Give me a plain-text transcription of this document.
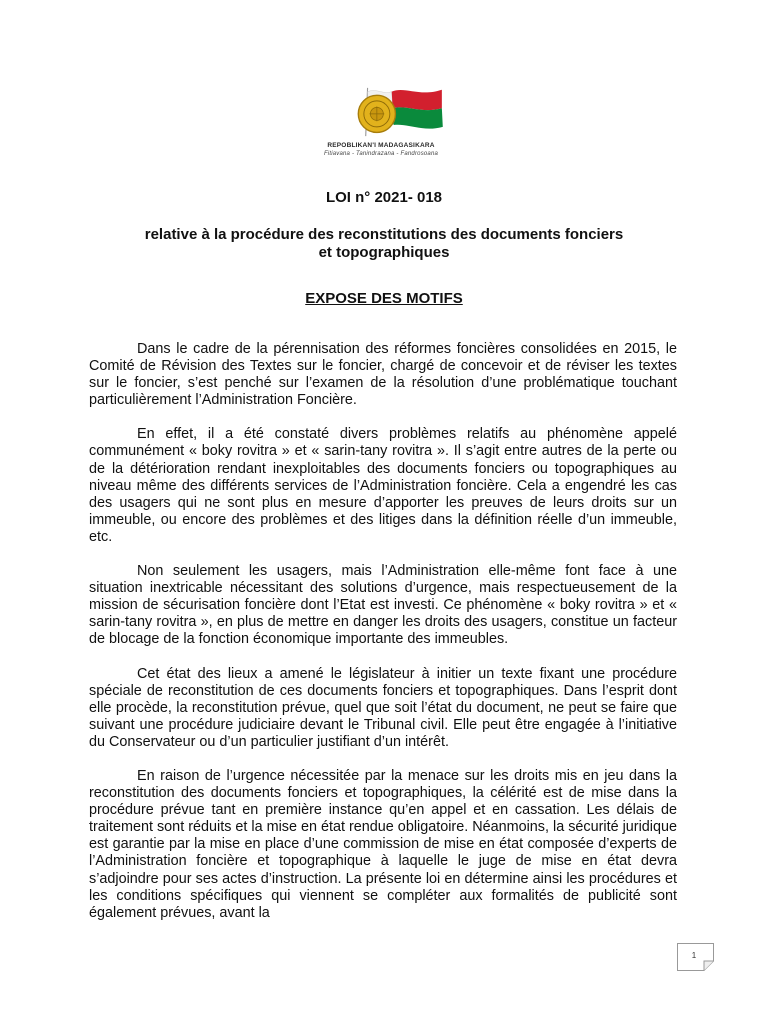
REPOBLIKAN'I MADAGASIKARA
Fitiavana - Tanindrazana - Fandrosoana
LOI n° 2021- 018
relative à la procédure des reconstitutions des documents fonciers
et topographiques
EXPOSE DES MOTIFS

Dans le cadre de la pérennisation des réformes foncières consolidées en 2015, le Comité de Révision des Textes sur le foncier, chargé de concevoir et de réviser les textes sur le foncier, s’est penché sur l’examen de la résolution d’une problématique touchant particulièrement l’Administration Foncière.

En effet, il a été constaté divers problèmes relatifs au phénomène appelé communément « boky rovitra » et « sarin-tany rovitra ». Il s’agit entre autres de la perte ou de la détérioration rendant inexploitables des documents fonciers ou topographiques au niveau même des différents services de l’Administration foncière. Cela a engendré les cas des usagers qui ne sont plus en mesure d’apporter les preuves de leurs droits sur un immeuble, ou encore des problèmes et des litiges dans la définition réelle d’un immeuble, etc.

Non seulement les usagers, mais l’Administration elle-même font face à une situation inextricable nécessitant des solutions d’urgence, mais respectueusement de la mission de sécurisation foncière dont l’Etat est investi. Ce phénomène « boky rovitra » et « sarin-tany rovitra », en plus de mettre en danger les droits des usagers, constitue un facteur de blocage de la fonction économique importante des immeubles.

Cet état des lieux a amené le législateur à initier un texte fixant une procédure spéciale de reconstitution de ces documents fonciers et topographiques. Dans l’esprit dont elle procède, la reconstitution prévue, quel que soit l’état du document, ne peut se faire que suivant une procédure judiciaire devant le Tribunal civil. Elle peut être engagée à l’initiative du Conservateur ou d’un particulier justifiant d’un intérêt.

En raison de l’urgence nécessitée par la menace sur les droits mis en jeu dans la reconstitution des documents fonciers et topographiques, la célérité est de mise dans la procédure prévue tant en première instance qu’en appel et en cassation. Les délais de traitement sont réduits et la mise en état rendue obligatoire. Néanmoins, la sécurité juridique est garantie par la mise en place d’une commission de mise en état composée d’experts de l’Administration foncière et topographique à laquelle le juge de mise en état devra s’adjoindre pour ses actes d’instruction. La présente loi en détermine ainsi les procédures et les conditions spécifiques qui viennent se compléter aux formalités de publicité sont également prévues, avant la

1
